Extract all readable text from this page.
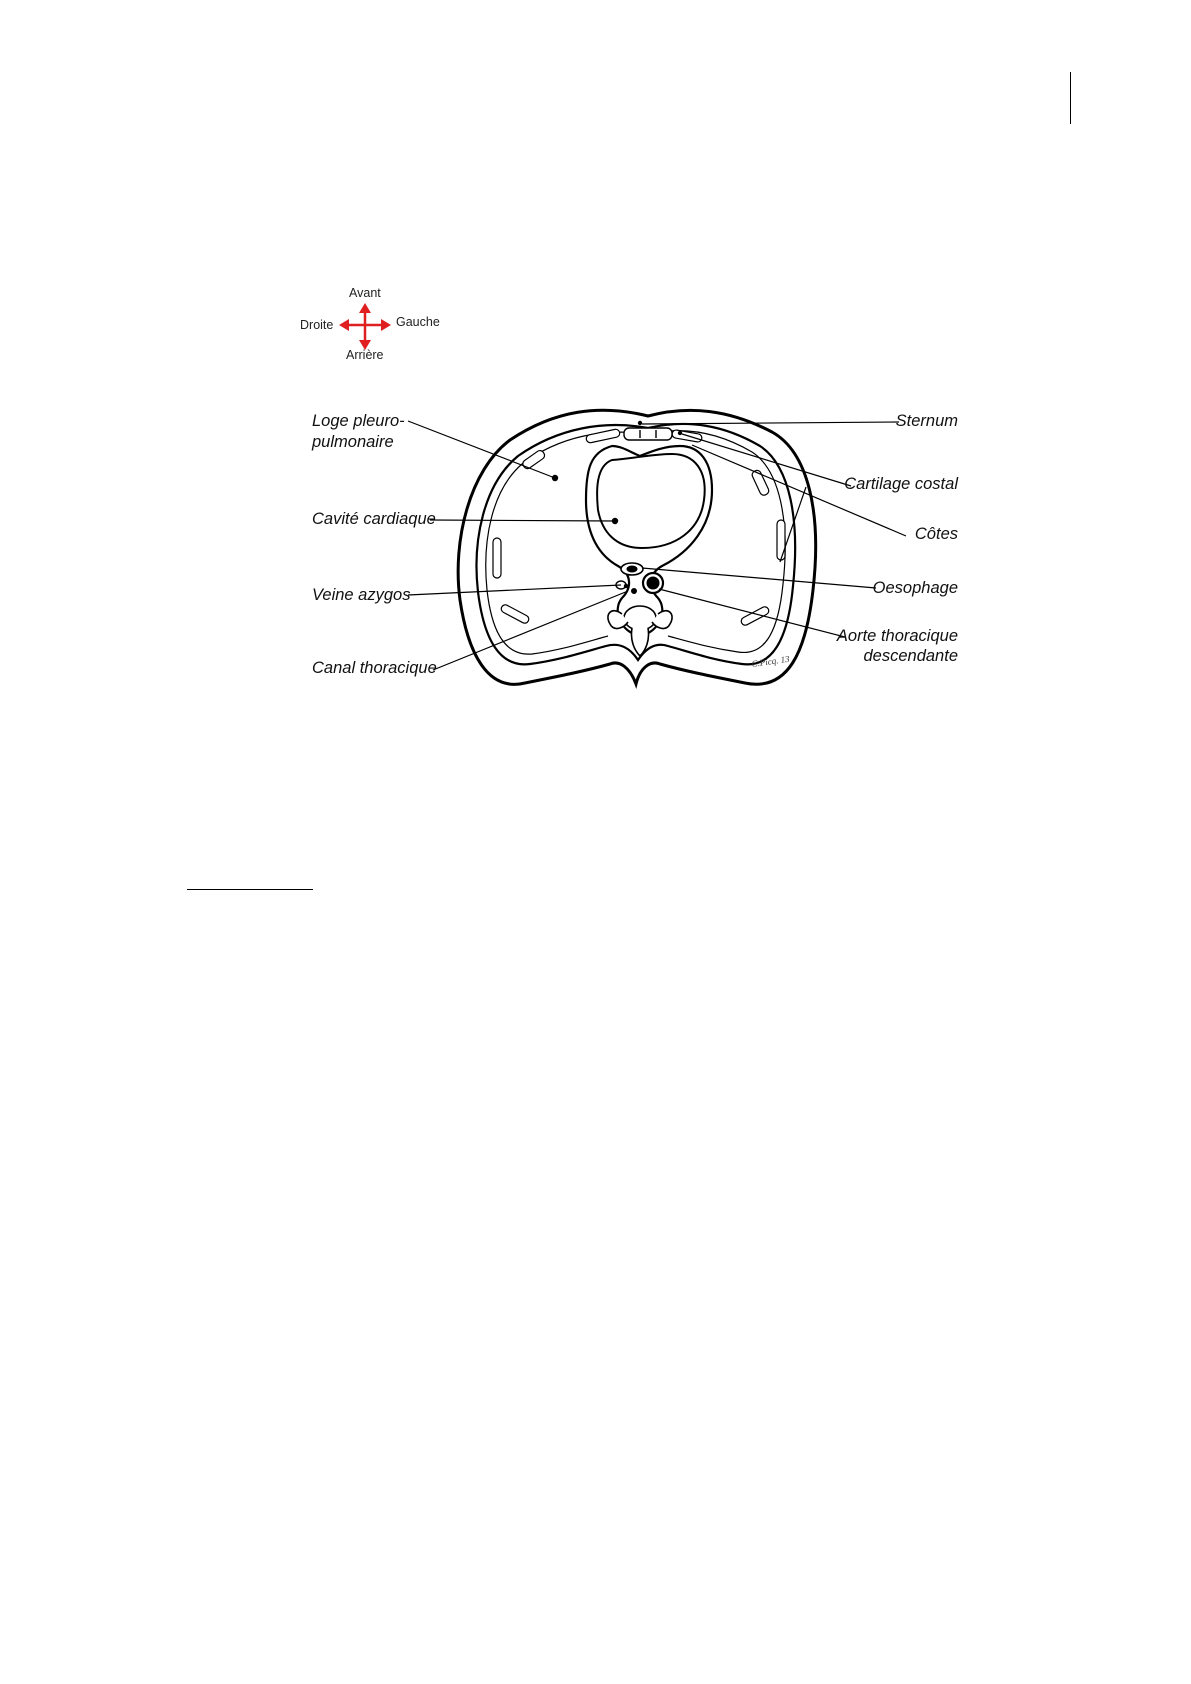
C.Picq. 13
Avant
Arrière
Droite	Gauche
Loge pleuro-
pulmonaire
Cavité cardiaque
Veine azygos
Canal thoracique
Sternum
Cartilage costal
Côtes
Oesophage
Aorte thoracique
descendante
